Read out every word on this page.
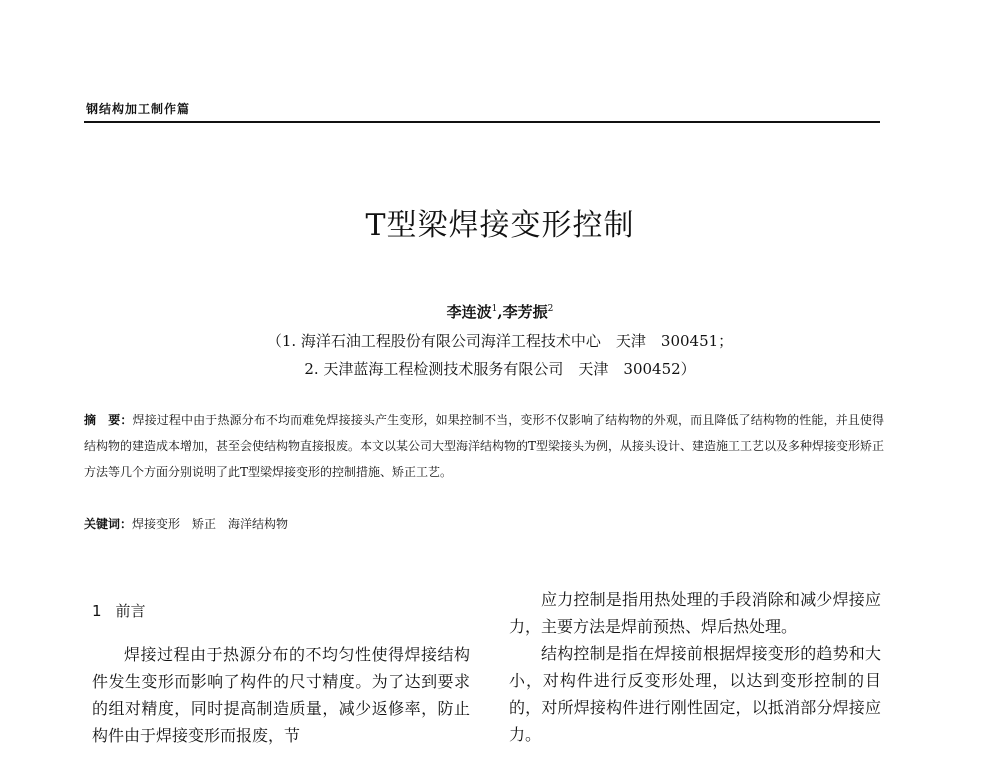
钢结构加工制作篇
T型梁焊接变形控制
李连波$^1$,李芳振$^2$
（1. 海洋石油工程股份有限公司海洋工程技术中心　天津　300451；
2. 天津蓝海工程检测技术服务有限公司　天津　300452）
摘　要：焊接过程中由于热源分布不均而难免焊接接头产生变形，如果控制不当，变形不仅影响了结构物的外观，而且降低了结构物的性能，并且使得结构物的建造成本增加，甚至会使结构物直接报废。本文以某公司大型海洋结构物的T型梁接头为例，从接头设计、建造施工工艺以及多种焊接变形矫正方法等几个方面分别说明了此T型梁焊接变形的控制措施、矫正工艺。
关键词：焊接变形　矫正　海洋结构物
1 前言

焊接过程由于热源分布的不均匀性使得焊接结构件发生变形而影响了构件的尺寸精度。为了达到要求的组对精度，同时提高制造质量，减少返修率，防止构件由于焊接变形而报废，节

应力控制是指用热处理的手段消除和减少焊接应力，主要方法是焊前预热、焊后热处理。

结构控制是指在焊接前根据焊接变形的趋势和大小，对构件进行反变形处理，以达到变形控制的目的，对所焊接构件进行刚性固定，以抵消部分焊接应力。
